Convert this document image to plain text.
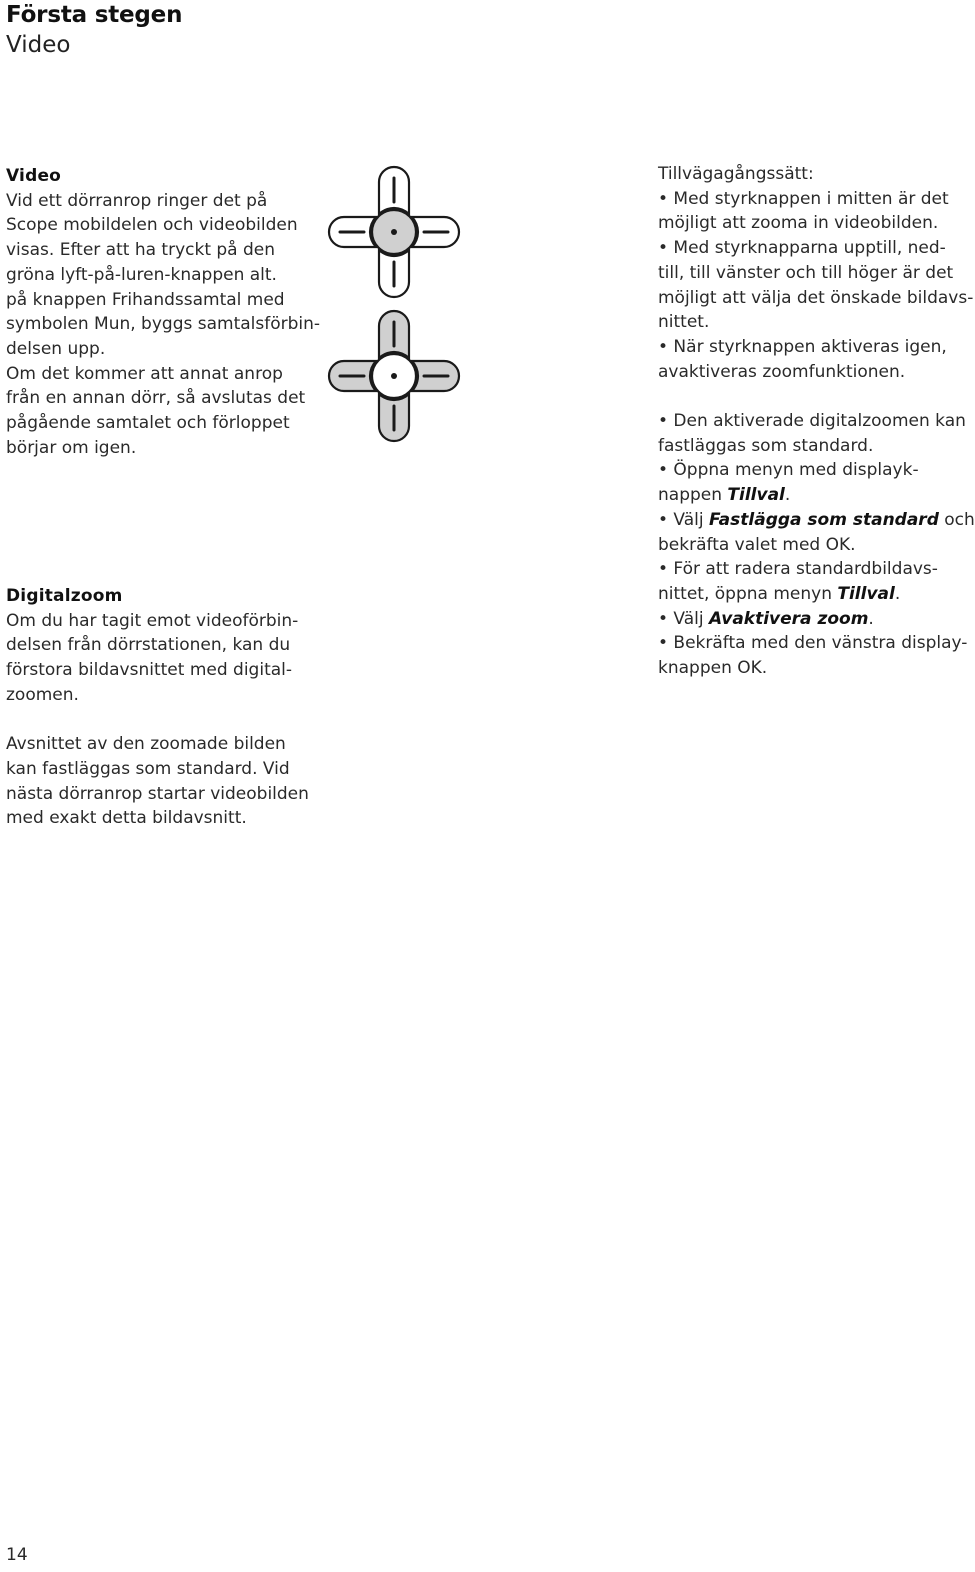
Första stegen
Video
Video
Vid ett dörranrop ringer det på
Scope mobildelen och videobilden
visas. Efter att ha tryckt på den
gröna lyft-på-luren-knappen alt.
på knappen Frihandssamtal med
symbolen Mun, byggs samtalsförbin-
delsen upp.
Om det kommer att annat anrop
från en annan dörr, så avslutas det
pågående samtalet och förloppet
börjar om igen.
Digitalzoom
Om du har tagit emot videoförbin-
delsen från dörrstationen, kan du
förstora bildavsnittet med digital-
zoomen.
Avsnittet av den zoomade bilden
kan fastläggas som standard. Vid
nästa dörranrop startar videobilden
med exakt detta bildavsnitt.
Tillvägagångssätt:
• Med styrknappen i mitten är det
möjligt att zooma in videobilden.
• Med styrknapparna upptill, ned-
till, till vänster och till höger är det
möjligt att välja det önskade bildavs-
nittet.
• När styrknappen aktiveras igen,
avaktiveras zoomfunktionen.
• Den aktiverade digitalzoomen kan
fastläggas som standard.
• Öppna menyn med displayk-
nappen Tillval.
• Välj Fastlägga som standard och
bekräfta valet med OK.
• För att radera standardbildavs-
nittet, öppna menyn Tillval.
• Välj Avaktivera zoom.
• Bekräfta med den vänstra display-
knappen OK.
14
